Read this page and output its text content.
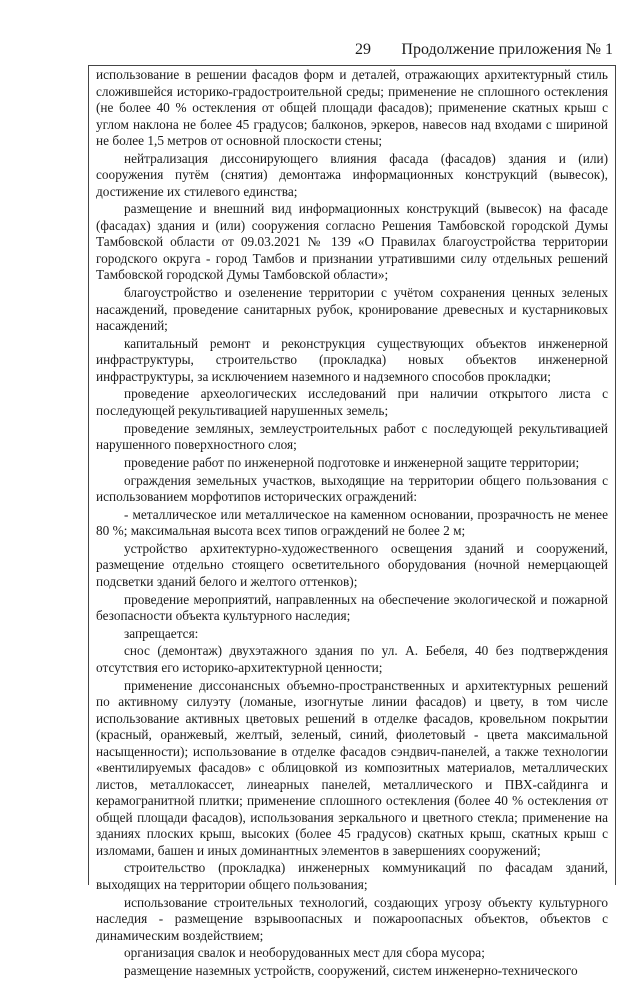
29 Продолжение приложения № 1

использование в решении фасадов форм и деталей, отражающих архитектурный стиль сложившейся историко-градостроительной среды; применение не сплошного остекления (не более 40 % остекления от общей площади фасадов); применение скатных крыш с углом наклона не более 45 градусов; балконов, эркеров, навесов над входами с шириной не более 1,5 метров от основной плоскости стены;

нейтрализация диссонирующего влияния фасада (фасадов) здания и (или) сооружения путём (снятия) демонтажа информационных конструкций (вывесок), достижение их стилевого единства;

размещение и внешний вид информационных конструкций (вывесок) на фасаде (фасадах) здания и (или) сооружения согласно Решения Тамбовской городской Думы Тамбовской области от 09.03.2021 № 139 «О Правилах благоустройства территории городского округа - город Тамбов и признании утратившими силу отдельных решений Тамбовской городской Думы Тамбовской области»;

благоустройство и озеленение территории с учётом сохранения ценных зеленых насаждений, проведение санитарных рубок, кронирование древесных и кустарниковых насаждений;

капитальный ремонт и реконструкция существующих объектов инженерной инфраструктуры, строительство (прокладка) новых объектов инженерной инфраструктуры, за исключением наземного и надземного способов прокладки;

проведение археологических исследований при наличии открытого листа с последующей рекультивацией нарушенных земель;

проведение земляных, землеустроительных работ с последующей рекультивацией нарушенного поверхностного слоя;

проведение работ по инженерной подготовке и инженерной защите территории;

ограждения земельных участков, выходящие на территории общего пользования с использованием морфотипов исторических ограждений:

- металлическое или металлическое на каменном основании, прозрачность не менее 80 %; максимальная высота всех типов ограждений не более 2 м;

устройство архитектурно-художественного освещения зданий и сооружений, размещение отдельно стоящего осветительного оборудования (ночной немерцающей подсветки зданий белого и желтого оттенков);

проведение мероприятий, направленных на обеспечение экологической и пожарной безопасности объекта культурного наследия;

запрещается:

снос (демонтаж) двухэтажного здания по ул. А. Бебеля, 40 без подтверждения отсутствия его историко-архитектурной ценности;

применение диссонансных объемно-пространственных и архитектурных решений по активному силуэту (ломаные, изогнутые линии фасадов) и цвету, в том числе использование активных цветовых решений в отделке фасадов, кровельном покрытии (красный, оранжевый, желтый, зеленый, синий, фиолетовый - цвета максимальной насыщенности); использование в отделке фасадов сэндвич-панелей, а также технологии «вентилируемых фасадов» с облицовкой из композитных материалов, металлических листов, металлокассет, линеарных панелей, металлического и ПВХ-сайдинга и керамогранитной плитки; применение сплошного остекления (более 40 % остекления от общей площади фасадов), использования зеркального и цветного стекла; применение на зданиях плоских крыш, высоких (более 45 градусов) скатных крыш, скатных крыш с изломами, башен и иных доминантных элементов в завершениях сооружений;

строительство (прокладка) инженерных коммуникаций по фасадам зданий, выходящих на территории общего пользования;

использование строительных технологий, создающих угрозу объекту культурного наследия - размещение взрывоопасных и пожароопасных объектов, объектов с динамическим воздействием;

организация свалок и необорудованных мест для сбора мусора;

размещение наземных устройств, сооружений, систем инженерно-технического
